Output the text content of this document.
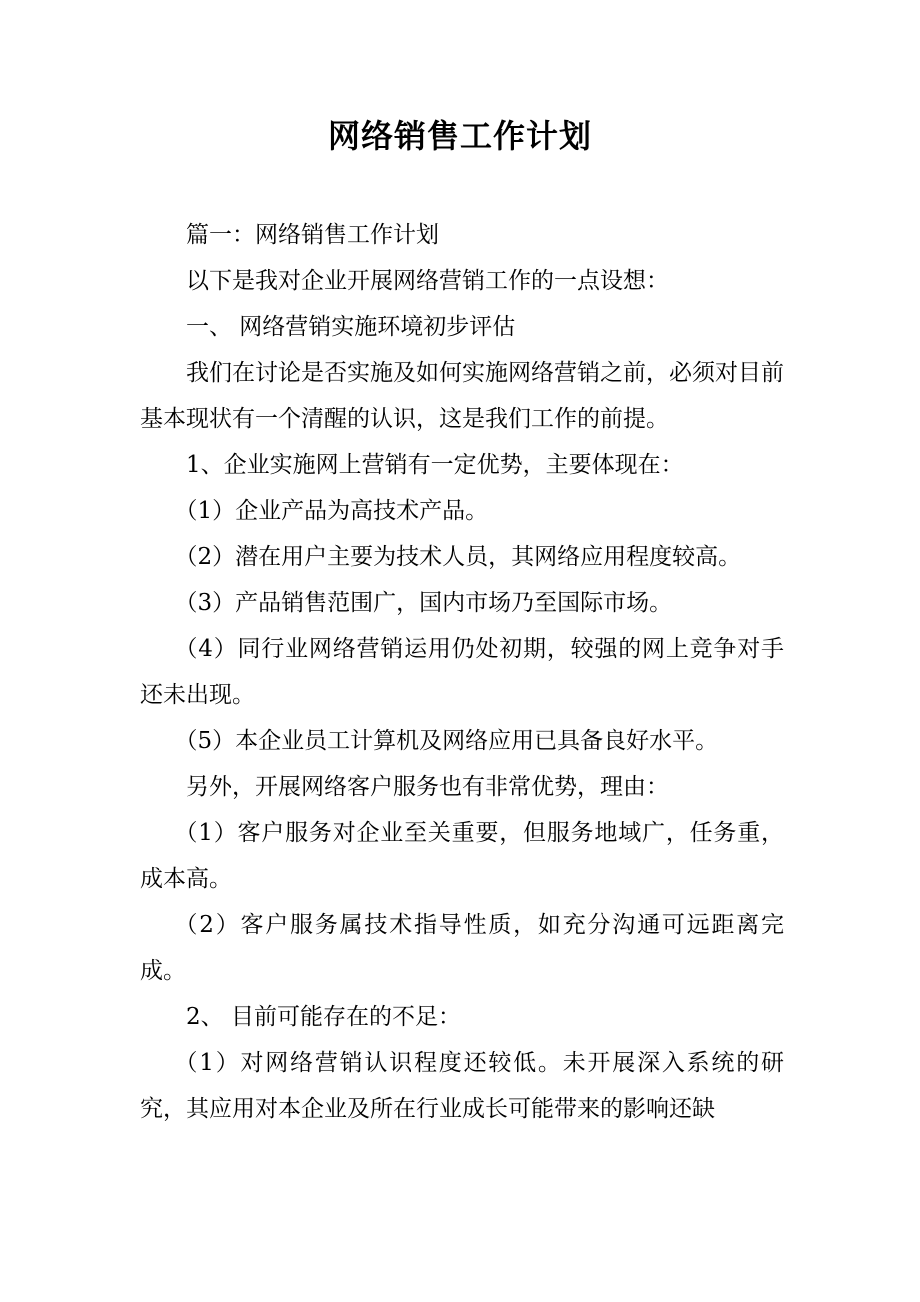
网络销售工作计划

篇一：网络销售工作计划

以下是我对企业开展网络营销工作的一点设想：

一、 网络营销实施环境初步评估

我们在讨论是否实施及如何实施网络营销之前，必须对目前基本现状有一个清醒的认识，这是我们工作的前提。

1、企业实施网上营销有一定优势，主要体现在：

（1）企业产品为高技术产品。

（2）潜在用户主要为技术人员，其网络应用程度较高。

（3）产品销售范围广，国内市场乃至国际市场。

（4）同行业网络营销运用仍处初期，较强的网上竞争对手还未出现。

（5）本企业员工计算机及网络应用已具备良好水平。

另外，开展网络客户服务也有非常优势，理由：

（1）客户服务对企业至关重要，但服务地域广，任务重，成本高。

（2）客户服务属技术指导性质，如充分沟通可远距离完成。

2、 目前可能存在的不足：

（1）对网络营销认识程度还较低。未开展深入系统的研究，其应用对本企业及所在行业成长可能带来的影响还缺
